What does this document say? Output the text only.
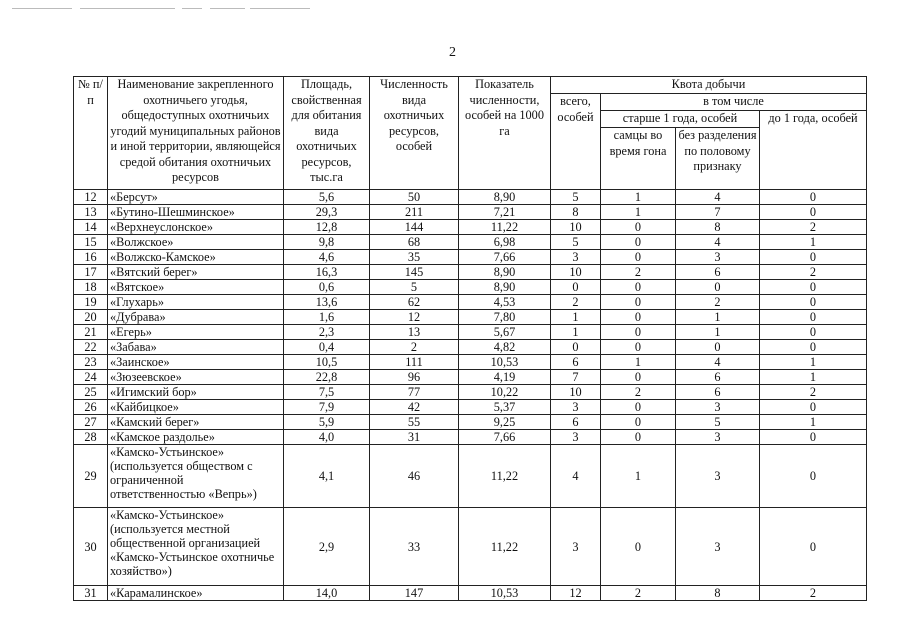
2
№ п/п	Наименование закрепленного охотничьего угодья, общедоступных охотничьих угодий муниципальных районов и иной территории, являющейся средой обитания охотничьих ресурсов	Площадь, свойственная для обитания вида охотничьих ресурсов, тыс.га	Численность вида охотничьих ресурсов, особей	Показатель численности, особей на 1000 га	Квота добычи			
					всего, особей	в том числе		
						старше 1 года, особей		до 1 года, особей
						самцы во время гона	без разделения по половому признаку	
12	«Берсут»	5,6	50	8,90	5	1	4	0
13	«Бутино-Шешминское»	29,3	211	7,21	8	1	7	0
14	«Верхнеуслонское»	12,8	144	11,22	10	0	8	2
15	«Волжское»	9,8	68	6,98	5	0	4	1
16	«Волжско-Камское»	4,6	35	7,66	3	0	3	0
17	«Вятский берег»	16,3	145	8,90	10	2	6	2
18	«Вятское»	0,6	5	8,90	0	0	0	0
19	«Глухарь»	13,6	62	4,53	2	0	2	0
20	«Дубрава»	1,6	12	7,80	1	0	1	0
21	«Егерь»	2,3	13	5,67	1	0	1	0
22	«Забава»	0,4	2	4,82	0	0	0	0
23	«Заинское»	10,5	111	10,53	6	1	4	1
24	«Зюзеевское»	22,8	96	4,19	7	0	6	1
25	«Игимский бор»	7,5	77	10,22	10	2	6	2
26	«Кайбицкое»	7,9	42	5,37	3	0	3	0
27	«Камский берег»	5,9	55	9,25	6	0	5	1
28	«Камское раздолье»	4,0	31	7,66	3	0	3	0
29	«Камско-Устьинское» (используется обществом с ограниченной ответственностью «Вепрь»)	4,1	46	11,22	4	1	3	0
30	«Камско-Устьинское» (используется местной общественной организацией «Камско-Устьинское охотничье хозяйство»)	2,9	33	11,22	3	0	3	0
31	«Карамалинское»	14,0	147	10,53	12	2	8	2
